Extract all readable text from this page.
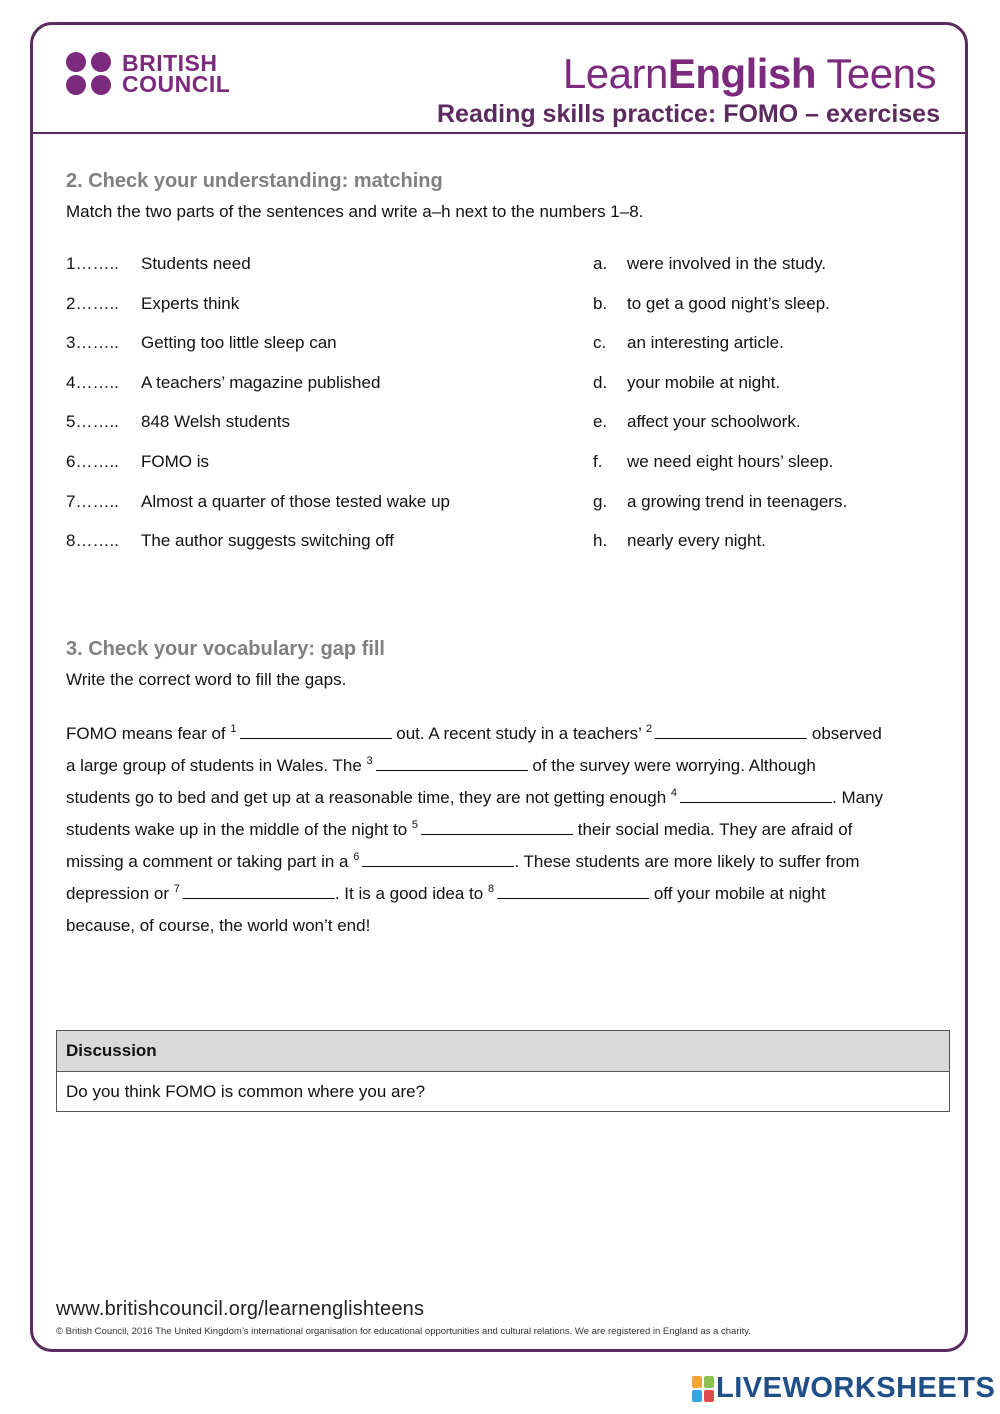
BRITISH
COUNCIL	LearnEnglish Teens
Reading skills practice: FOMO – exercises
2. Check your understanding: matching
Match the two parts of the sentences and write a–h next to the numbers 1–8.
1…….. Students need	a. were involved in the study.
2…….. Experts think	b. to get a good night’s sleep.
3…….. Getting too little sleep can	c. an interesting article.
4…….. A teachers’ magazine published	d. your mobile at night.
5…….. 848 Welsh students	e. affect your schoolwork.
6…….. FOMO is	f. we need eight hours’ sleep.
7…….. Almost a quarter of those tested wake up	g. a growing trend in teenagers.
8…….. The author suggests switching off	h. nearly every night.
3. Check your vocabulary: gap fill
Write the correct word to fill the gaps.
FOMO means fear of $^1$	out. A recent study in a teachers’ $^2$	observed
a large group of students in Wales. The $^3$	of the survey were worrying. Although
students go to bed and get up at a reasonable time, they are not getting enough $^4$	. Many
students wake up in the middle of the night to $^5$	their social media. They are afraid of
missing a comment or taking part in a $^6$	. These students are more likely to suffer from
depression or $^7$	. It is a good idea to $^8$	off your mobile at night
because, of course, the world won’t end!
Discussion
Do you think FOMO is common where you are?
www.britishcouncil.org/learnenglishteens
© British Council, 2016 The United Kingdom’s international organisation for educational opportunities and cultural relations. We are registered in England as a charity.
LIVEWORKSHEETS
